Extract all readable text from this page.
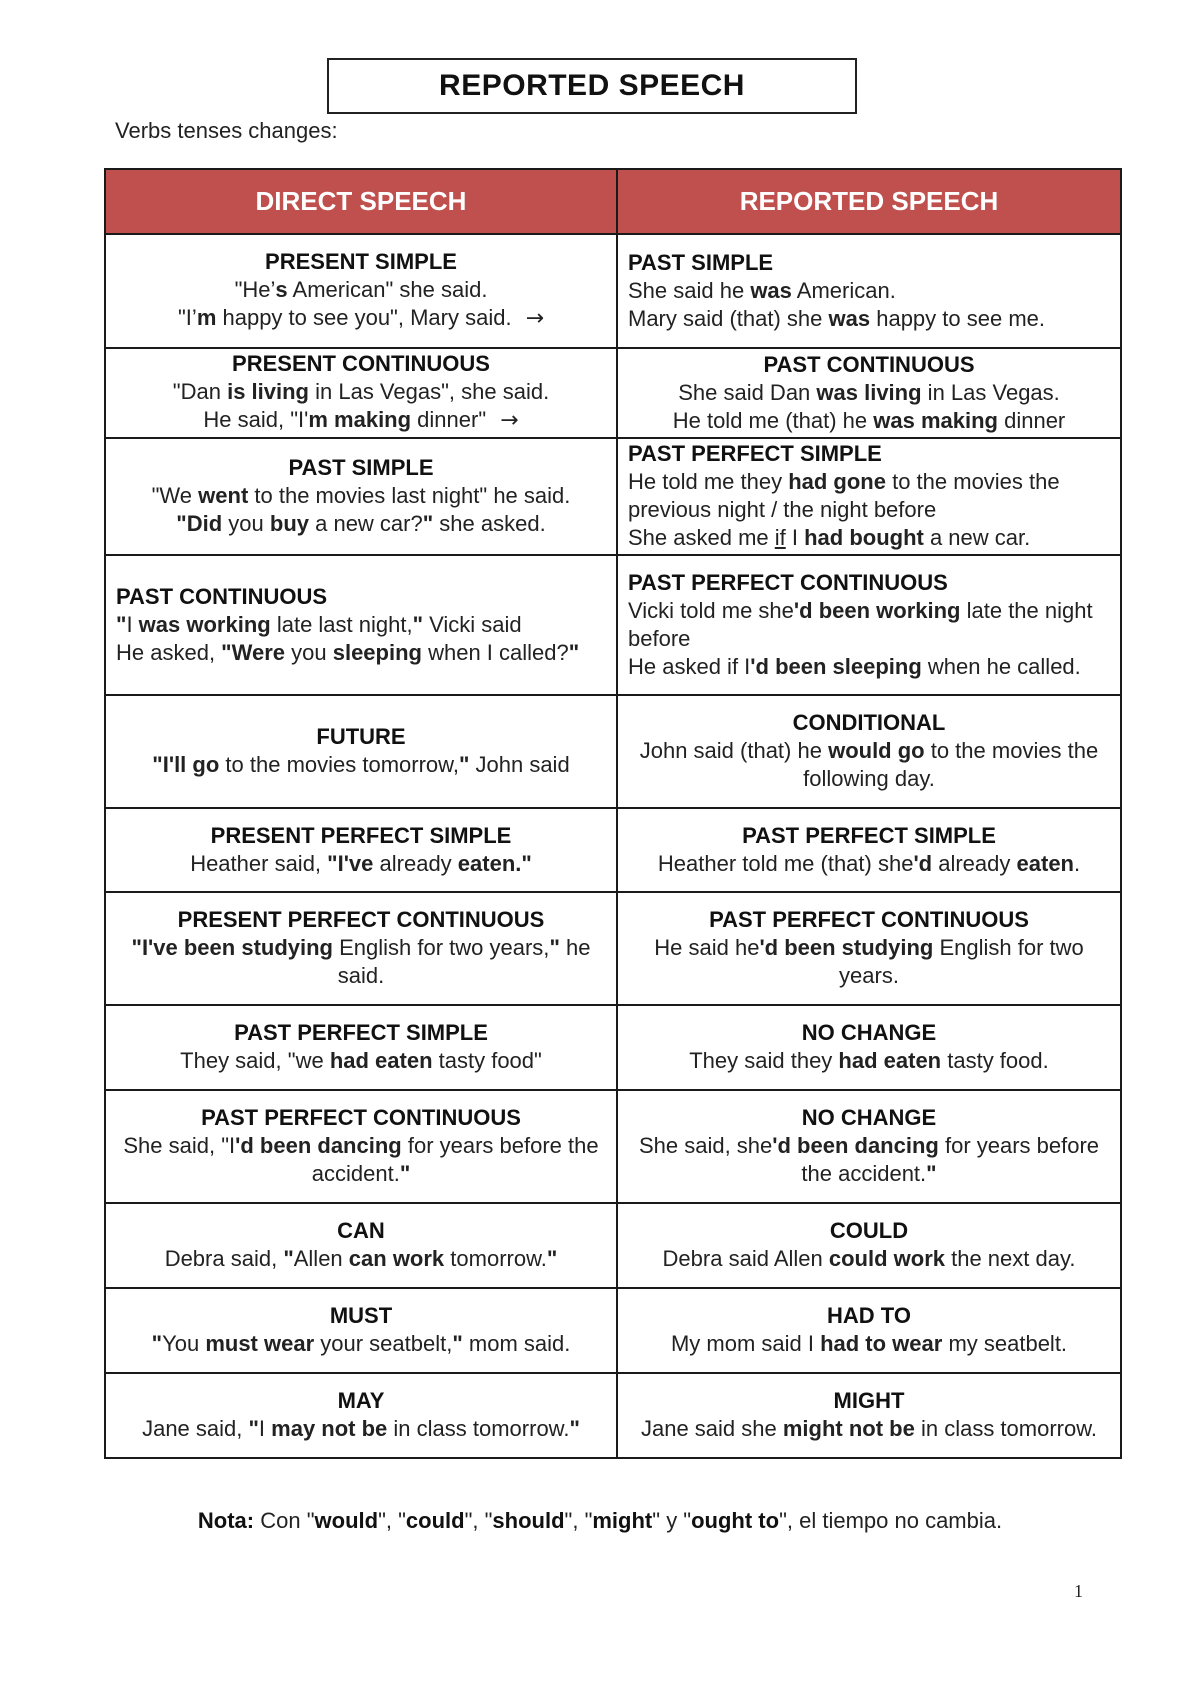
REPORTED SPEECH
Verbs tenses changes:
DIRECT SPEECH	REPORTED SPEECH

PRESENT SIMPLE
"He’s American" she said.
"I’m happy to see you", Mary said. →	PAST SIMPLE
She said he was American.
Mary said (that) she was happy to see me.

PRESENT CONTINUOUS
"Dan is living in Las Vegas", she said.
He said, "I'm making dinner" →	PAST CONTINUOUS
She said Dan was living in Las Vegas.
He told me (that) he was making dinner

PAST SIMPLE
"We went to the movies last night" he said.
"Did you buy a new car?" she asked.	PAST PERFECT SIMPLE
He told me they had gone to the movies the previous night / the night before
She asked me if I had bought a new car.

PAST CONTINUOUS
"I was working late last night," Vicki said
He asked, "Were you sleeping when I called?"	PAST PERFECT CONTINUOUS
Vicki told me she'd been working late the night before
He asked if I'd been sleeping when he called.

FUTURE
"I'll go to the movies tomorrow," John said	CONDITIONAL
John said (that) he would go to the movies the following day.

PRESENT PERFECT SIMPLE
Heather said, "I've already eaten."	PAST PERFECT SIMPLE
Heather told me (that) she'd already eaten.

PRESENT PERFECT CONTINUOUS
"I've been studying English for two years," he said.	PAST PERFECT CONTINUOUS
He said he'd been studying English for two years.

PAST PERFECT SIMPLE
They said, "we had eaten tasty food"	NO CHANGE
They said they had eaten tasty food.

PAST PERFECT CONTINUOUS
She said, "I'd been dancing for years before the accident."	NO CHANGE
She said, she'd been dancing for years before the accident."

CAN
Debra said, "Allen can work tomorrow."	COULD
Debra said Allen could work the next day.

MUST
"You must wear your seatbelt," mom said.	HAD TO
My mom said I had to wear my seatbelt.

MAY
Jane said, "I may not be in class tomorrow."	MIGHT
Jane said she might not be in class tomorrow.
Nota: Con "would", "could", "should", "might" y "ought to", el tiempo no cambia.
1
